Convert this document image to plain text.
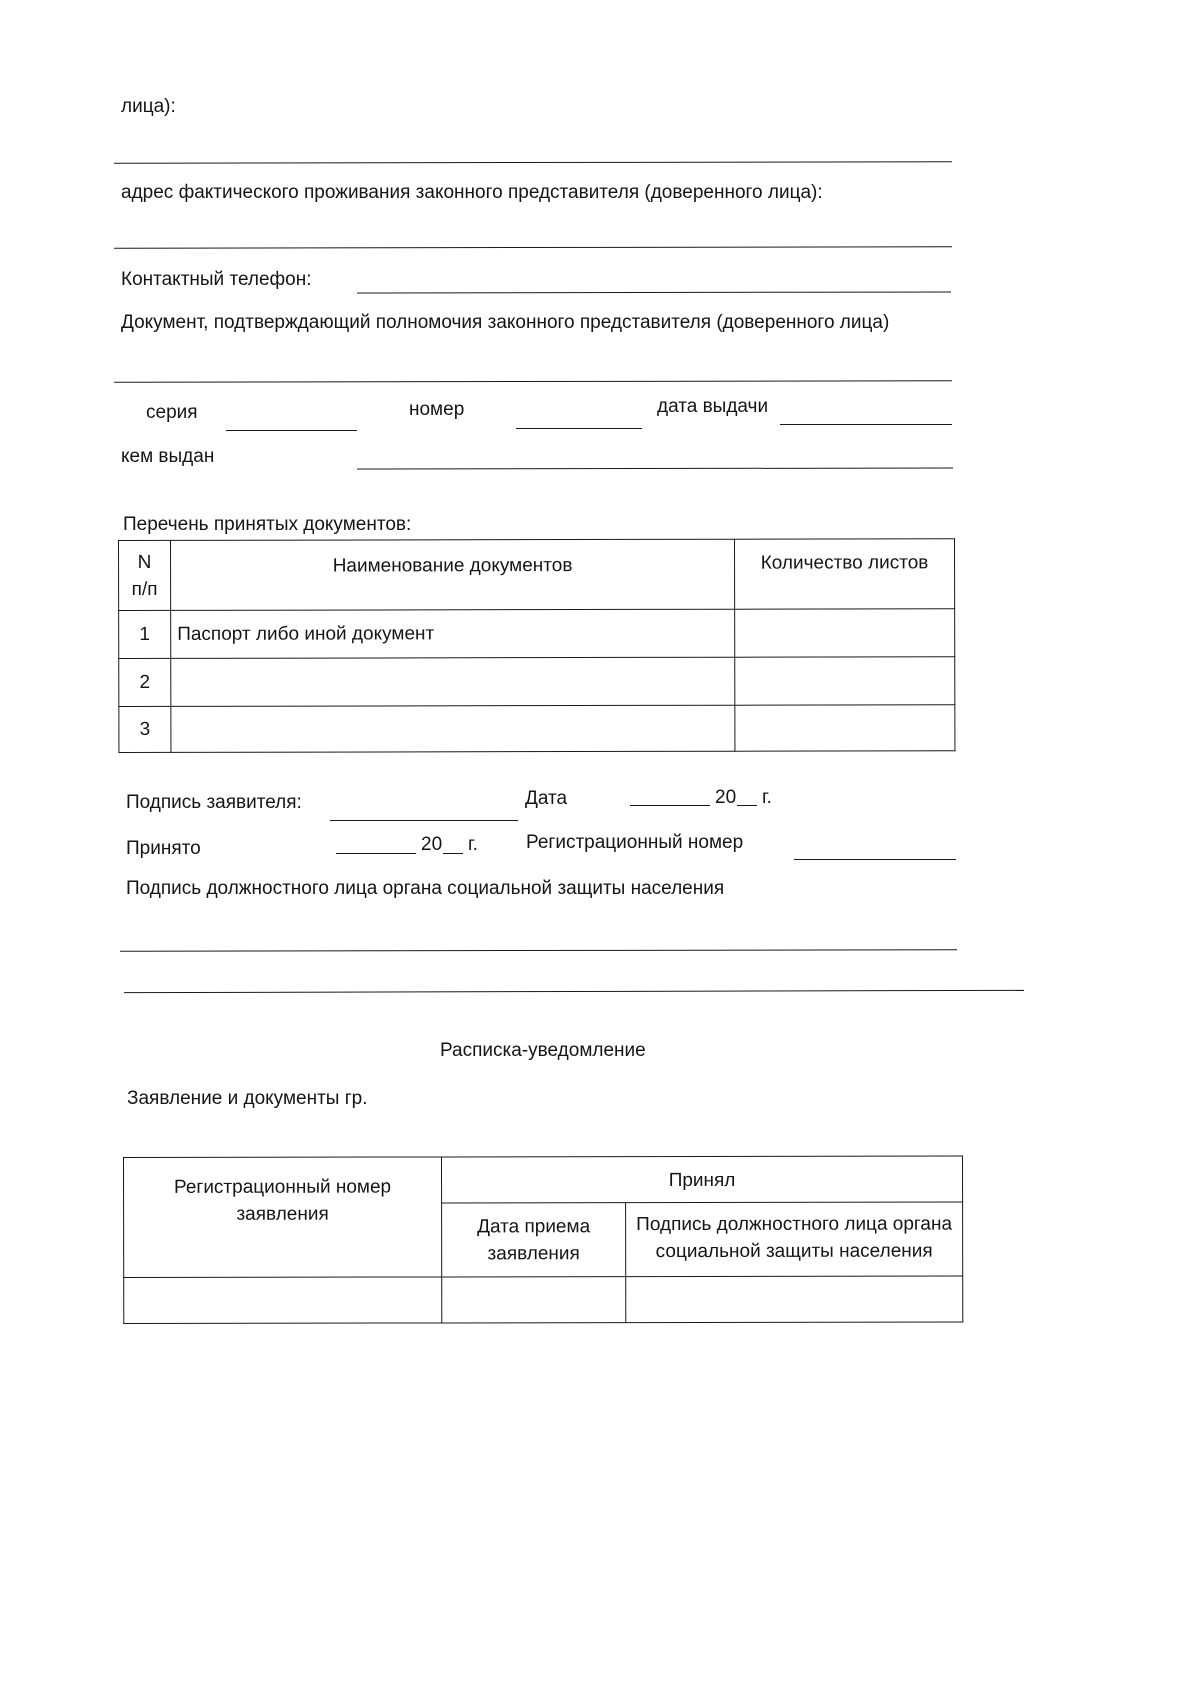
лица):
адрес фактического проживания законного представителя (доверенного лица):
Контактный телефон:
Документ, подтверждающий полномочия законного представителя (доверенного лица)
серия	номер	дата выдачи
кем выдан
Перечень принятых документов:
N
п/п	Наименование документов	Количество листов
1	Паспорт либо иной документ	
2		
3		
Подпись заявителя:	Дата	20 г.
Принято	20 г.	Регистрационный номер
Подпись должностного лица органа социальной защиты населения
Расписка-уведомление
Заявление и документы гр.
Регистрационный номер заявления	Принял	
	Дата приема заявления	Подпись должностного лица органа социальной защиты населения
